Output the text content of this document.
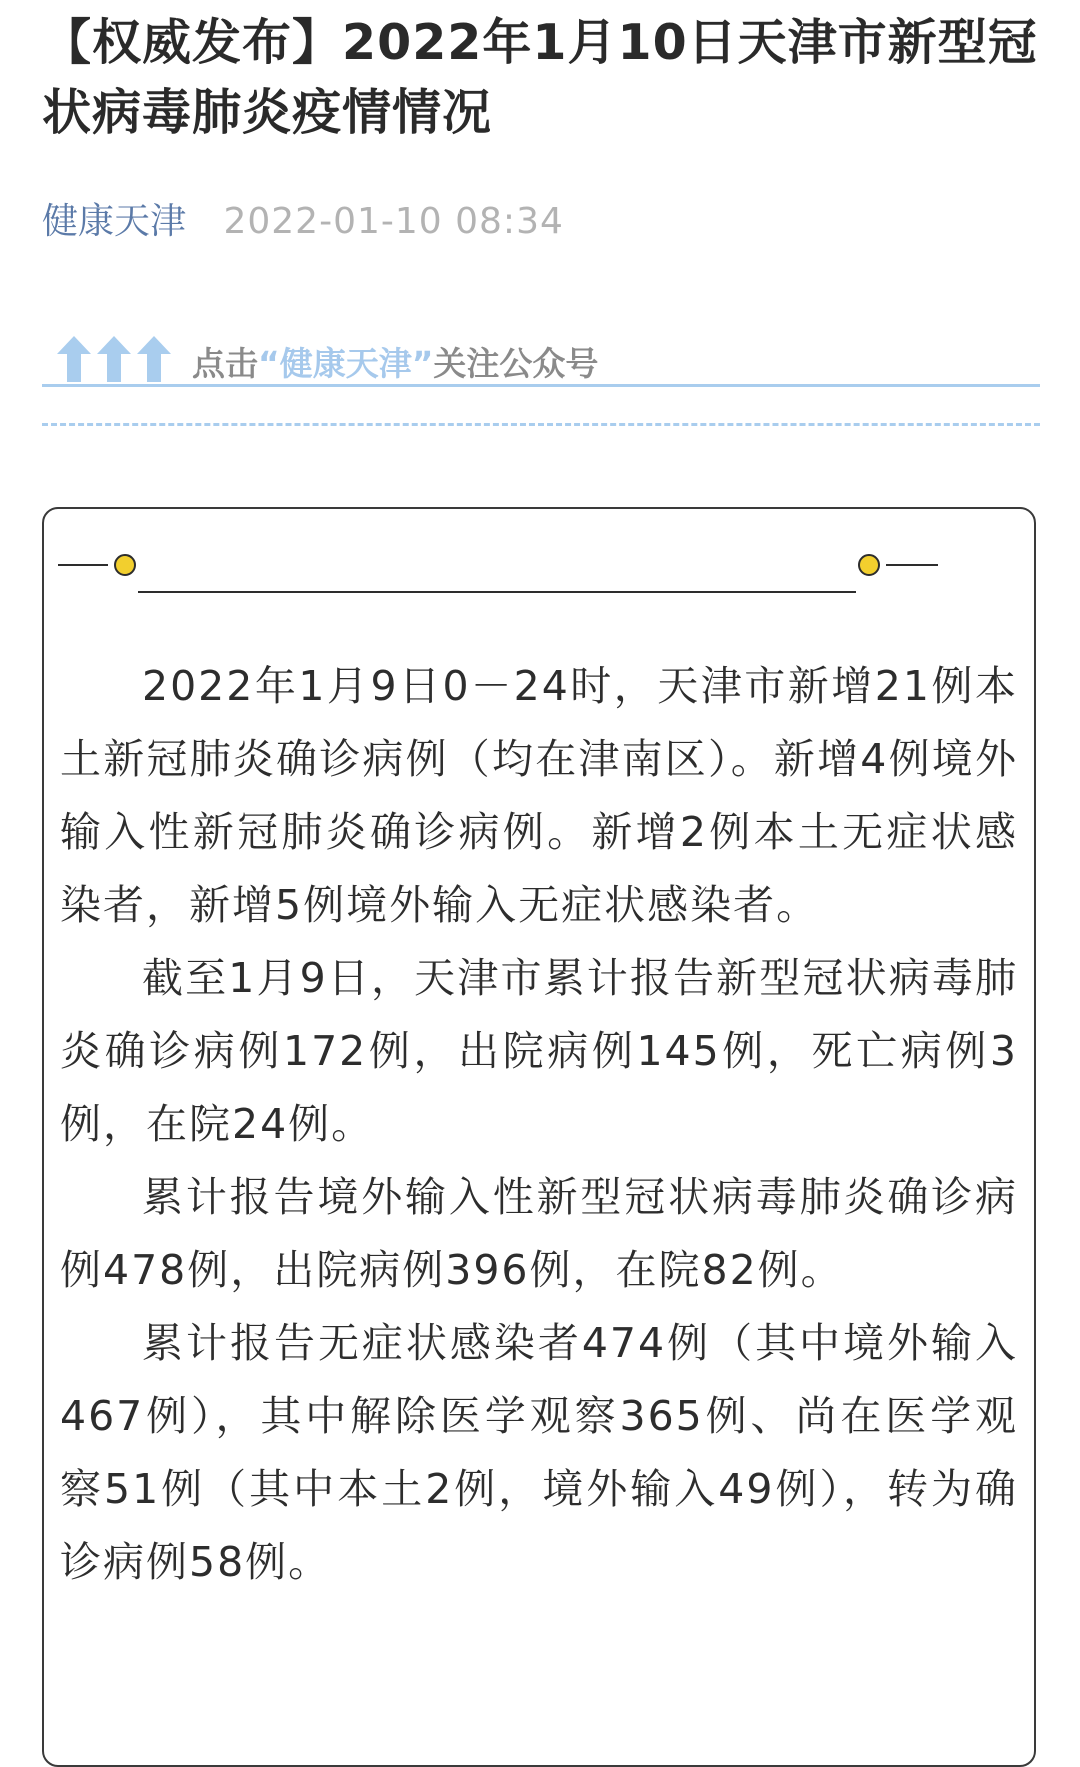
【权威发布】2022年1月10日天津市新型冠状病毒肺炎疫情情况
健康天津 2022-01-10 08:34
点击“健康天津”关注公众号

2022年1月9日0－24时，天津市新增21例本土新冠肺炎确诊病例（均在津南区）。新增4例境外输入性新冠肺炎确诊病例。新增2例本土无症状感染者，新增5例境外输入无症状感染者。

截至1月9日，天津市累计报告新型冠状病毒肺炎确诊病例172例，出院病例145例，死亡病例3例，在院24例。

累计报告境外输入性新型冠状病毒肺炎确诊病例478例，出院病例396例，在院82例。

累计报告无症状感染者474例（其中境外输入467例），其中解除医学观察365例、尚在医学观察51例（其中本土2例，境外输入49例），转为确诊病例58例。
